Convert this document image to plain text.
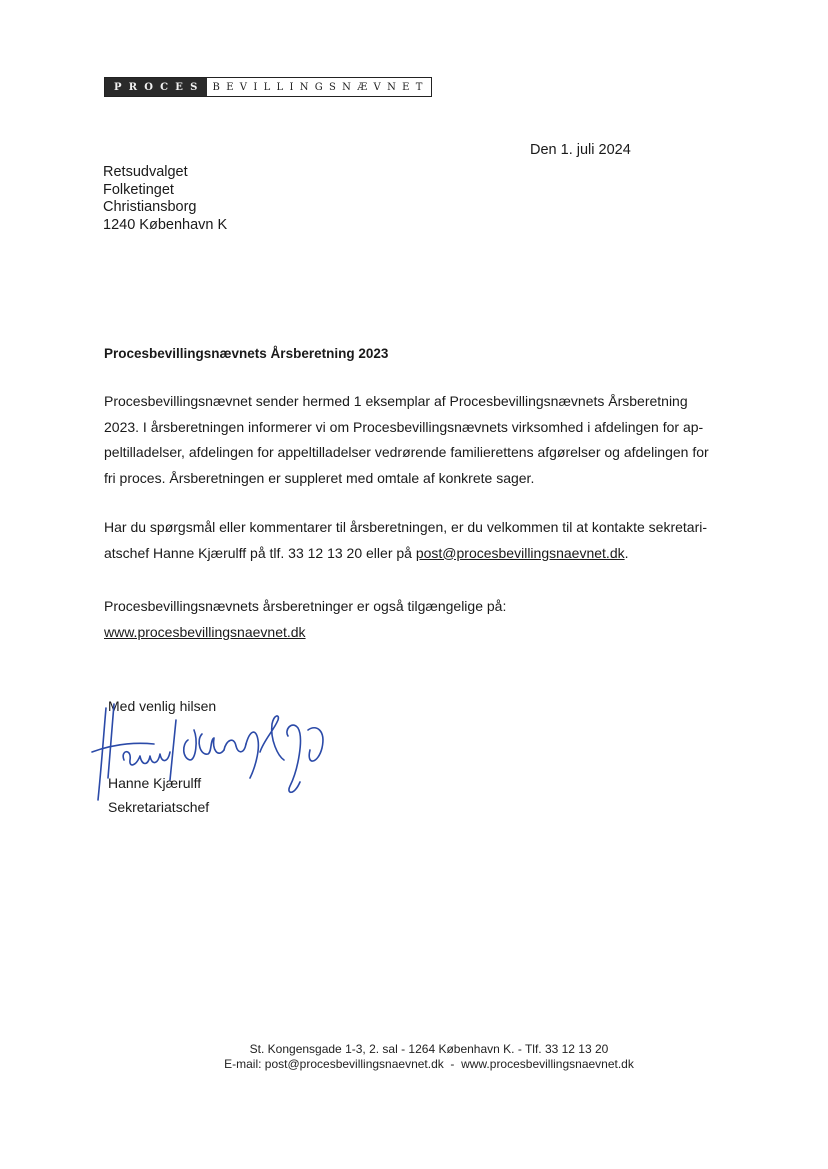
PROCES BEVILLINGSNÆVNET
Den 1. juli 2024
Retsudvalget
Folketinget
Christiansborg
1240 København K
Procesbevillingsnævnets Årsberetning 2023
Procesbevillingsnævnet sender hermed 1 eksemplar af Procesbevillingsnævnets Årsberetning
2023. I årsberetningen informerer vi om Procesbevillingsnævnets virksomhed i afdelingen for ap-
peltilladelser, afdelingen for appeltilladelser vedrørende familierettens afgørelser og afdelingen for
fri proces. Årsberetningen er suppleret med omtale af konkrete sager.
Har du spørgsmål eller kommentarer til årsberetningen, er du velkommen til at kontakte sekretari-
atschef Hanne Kjærulff på tlf. 33 12 13 20 eller på post@procesbevillingsnaevnet.dk.
Procesbevillingsnævnets årsberetninger er også tilgængelige på:
www.procesbevillingsnaevnet.dk
Med venlig hilsen
Hanne Kjærulff
Sekretariatschef
St. Kongensgade 1-3, 2. sal - 1264 København K. - Tlf. 33 12 13 20
E-mail: post@procesbevillingsnaevnet.dk  -  www.procesbevillingsnaevnet.dk
